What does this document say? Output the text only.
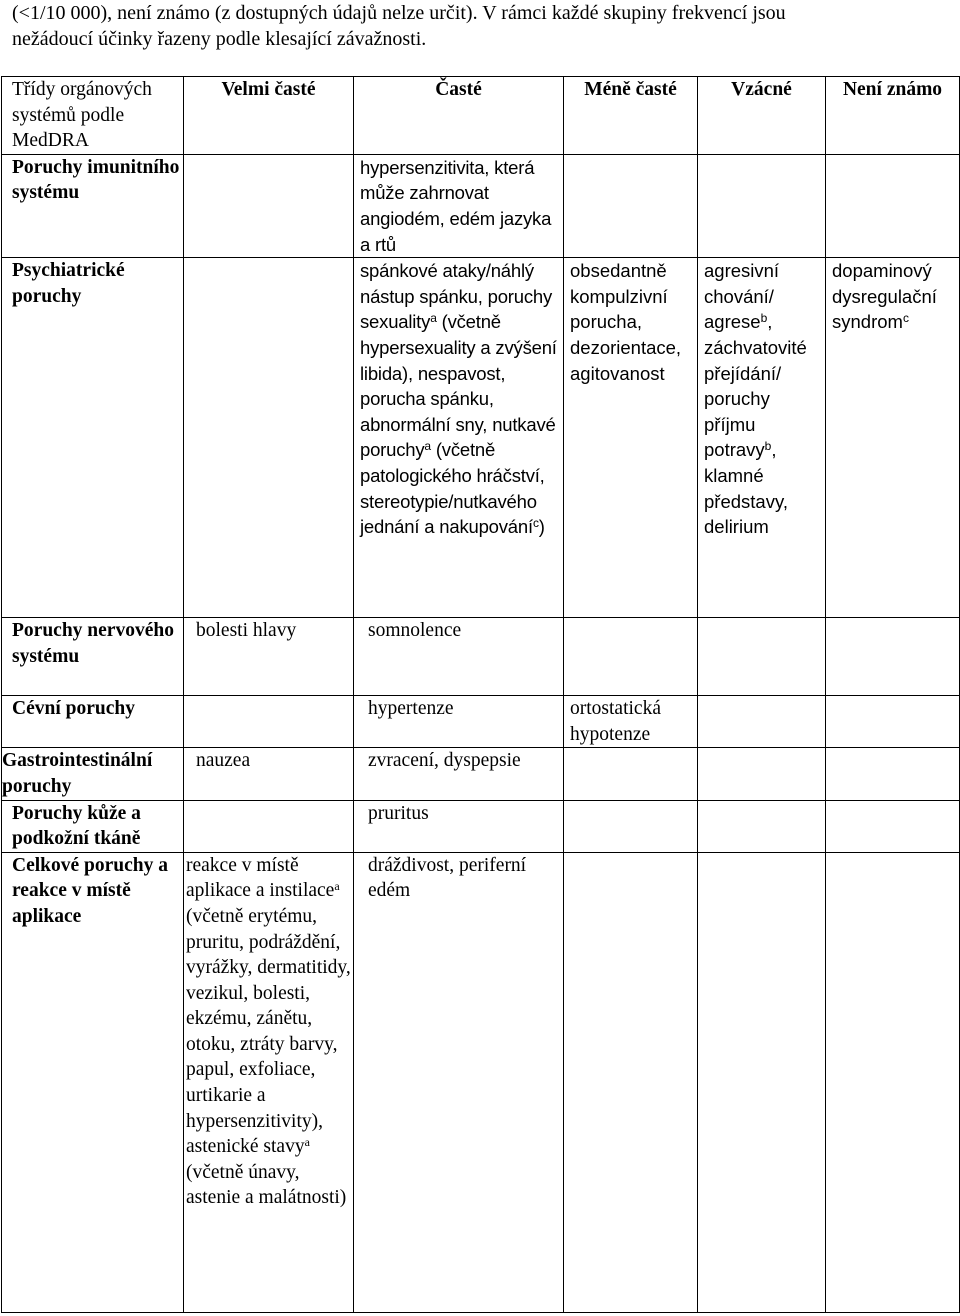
(<1/10 000), není známo (z dostupných údajů nelze určit). V rámci každé skupiny frekvencí jsou
nežádoucí účinky řazeny podle klesající závažnosti.
Třídy orgánových systémů podle MedDRA	Velmi časté	Časté	Méně časté	Vzácné	Není známo
Poruchy imunitního systému		hypersenzitivita, která může zahrnovat angiodém, edém jazyka a rtů			
Psychiatrické poruchy		spánkové ataky/náhlý nástup spánku, poruchy sexuality$^a$ (včetně hypersexuality a zvýšení libida), nespavost, porucha spánku, abnormální sny, nutkavé poruchy$^a$ (včetně patologického hráčství, stereotypie/nutkavého jednání a nakupování$^c$)	obsedantně kompulzivní porucha, dezorientace, agitovanost	agresivní chování/ agrese$^b$, záchvatovité přejídání/ poruchy příjmu potravy$^b$, klamné představy, delirium	dopaminový dysregulační syndrom$^c$
Poruchy nervového systému	bolesti hlavy	somnolence			
Cévní poruchy		hypertenze	ortostatická hypotenze		
Gastrointestinální poruchy	nauzea	zvracení, dyspepsie			
Poruchy kůže a podkožní tkáně		pruritus			
Celkové poruchy a reakce v místě aplikace	reakce v místě aplikace a instilace$^a$ (včetně erytému, pruritu, podráždění, vyrážky, dermatitidy, vezikul, bolesti, ekzému, zánětu, otoku, ztráty barvy, papul, exfoliace, urtikarie a hypersenzitivity), astenické stavy$^a$ (včetně únavy, astenie a malátnosti)	dráždivost, periferní edém			
